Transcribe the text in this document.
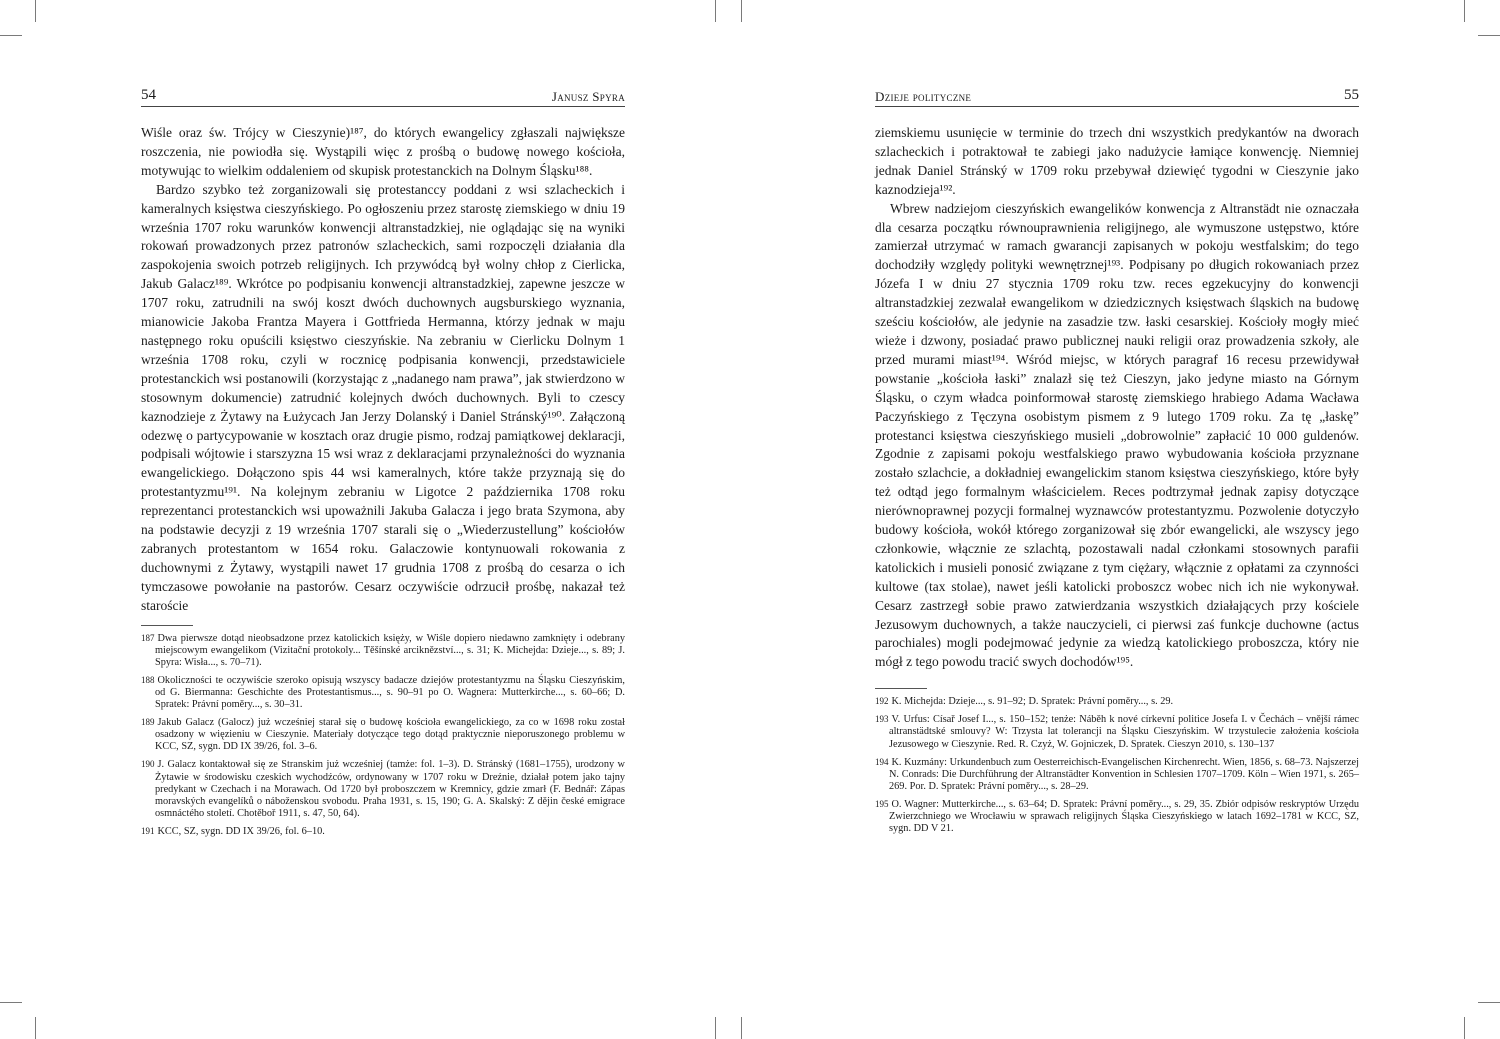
54	Janusz Spyra

Wiśle oraz św. Trójcy w Cieszynie)¹⁸⁷, do których ewangelicy zgłaszali największe roszczenia, nie powiodła się. Wystąpili więc z prośbą o budowę nowego kościoła, motywując to wielkim oddaleniem od skupisk protestanckich na Dolnym Śląsku¹⁸⁸.

Bardzo szybko też zorganizowali się protestanccy poddani z wsi szlacheckich i kameralnych księstwa cieszyńskiego. Po ogłoszeniu przez starostę ziemskiego w dniu 19 września 1707 roku warunków konwencji altranstadzkiej, nie oglądając się na wyniki rokowań prowadzonych przez patronów szlacheckich, sami rozpoczęli działania dla zaspokojenia swoich potrzeb religijnych. Ich przywódcą był wolny chłop z Cierlicka, Jakub Galacz¹⁸⁹. Wkrótce po podpisaniu konwencji altranstadzkiej, zapewne jeszcze w 1707 roku, zatrudnili na swój koszt dwóch duchownych augsburskiego wyznania, mianowicie Jakoba Frantza Mayera i Gottfrieda Hermanna, którzy jednak w maju następnego roku opuścili księstwo cieszyńskie. Na zebraniu w Cierlicku Dolnym 1 września 1708 roku, czyli w rocznicę podpisania konwencji, przedstawiciele protestanckich wsi postanowili (korzystając z „nadanego nam prawa”, jak stwierdzono w stosownym dokumencie) zatrudnić kolejnych dwóch duchownych. Byli to czescy kaznodzieje z Żytawy na Łużycach Jan Jerzy Dolanský i Daniel Stránský¹⁹⁰. Załączoną odezwę o partycypowanie w kosztach oraz drugie pismo, rodzaj pamiątkowej deklaracji, podpisali wójtowie i starszyzna 15 wsi wraz z deklaracjami przynależności do wyznania ewangelickiego. Dołączono spis 44 wsi kameralnych, które także przyznają się do protestantyzmu¹⁹¹. Na kolejnym zebraniu w Ligotce 2 października 1708 roku reprezentanci protestanckich wsi upoważnili Jakuba Galacza i jego brata Szymona, aby na podstawie decyzji z 19 września 1707 starali się o „Wiederzustellung” kościołów zabranych protestantom w 1654 roku. Galaczowie kontynuowali rokowania z duchownymi z Żytawy, wystąpili nawet 17 grudnia 1708 z prośbą do cesarza o ich tymczasowe powołanie na pastorów. Cesarz oczywiście odrzucił prośbę, nakazał też staroście

187 Dwa pierwsze dotąd nieobsadzone przez katolickich księży, w Wiśle dopiero niedawno zamknięty i odebrany miejscowym ewangelikom (Vizitační protokoly... Těšínské arciknězství..., s. 31; K. Michejda: Dzieje..., s. 89; J. Spyra: Wisła..., s. 70–71).

188 Okoliczności te oczywiście szeroko opisują wszyscy badacze dziejów protestantyzmu na Śląsku Cieszyńskim, od G. Biermanna: Geschichte des Protestantismus..., s. 90–91 po O. Wagnera: Mutterkirche..., s. 60–66; D. Spratek: Právní poměry..., s. 30–31.

189 Jakub Galacz (Galocz) już wcześniej starał się o budowę kościoła ewangelickiego, za co w 1698 roku został osadzony w więzieniu w Cieszynie. Materiały dotyczące tego dotąd praktycznie nieporuszonego problemu w KCC, SZ, sygn. DD IX 39/26, fol. 3–6.

190 J. Galacz kontaktował się ze Stranskim już wcześniej (tamże: fol. 1–3). D. Stránský (1681–1755), urodzony w Żytawie w środowisku czeskich wychodźców, ordynowany w 1707 roku w Dreźnie, działał potem jako tajny predykant w Czechach i na Morawach. Od 1720 był proboszczem w Kremnicy, gdzie zmarł (F. Bednář: Zápas moravských evangelíků o náboženskou svobodu. Praha 1931, s. 15, 190; G. A. Skalský: Z dějin české emigrace osmnáctého století. Chotěboř 1911, s. 47, 50, 64).

191 KCC, SZ, sygn. DD IX 39/26, fol. 6–10.

Dzieje polityczne	55

ziemskiemu usunięcie w terminie do trzech dni wszystkich predykantów na dworach szlacheckich i potraktował te zabiegi jako nadużycie łamiące konwencję. Niemniej jednak Daniel Stránský w 1709 roku przebywał dziewięć tygodni w Cieszynie jako kaznodzieja¹⁹².

Wbrew nadziejom cieszyńskich ewangelików konwencja z Altranstädt nie oznaczała dla cesarza początku równouprawnienia religijnego, ale wymuszone ustępstwo, które zamierzał utrzymać w ramach gwarancji zapisanych w pokoju westfalskim; do tego dochodziły względy polityki wewnętrznej¹⁹³. Podpisany po długich rokowaniach przez Józefa I w dniu 27 stycznia 1709 roku tzw. reces egzekucyjny do konwencji altranstadzkiej zezwalał ewangelikom w dziedzicznych księstwach śląskich na budowę sześciu kościołów, ale jedynie na zasadzie tzw. łaski cesarskiej. Kościoły mogły mieć wieże i dzwony, posiadać prawo publicznej nauki religii oraz prowadzenia szkoły, ale przed murami miast¹⁹⁴. Wśród miejsc, w których paragraf 16 recesu przewidywał powstanie „kościoła łaski” znalazł się też Cieszyn, jako jedyne miasto na Górnym Śląsku, o czym władca poinformował starostę ziemskiego hrabiego Adama Wacława Paczyńskiego z Tęczyna osobistym pismem z 9 lutego 1709 roku. Za tę „łaskę” protestanci księstwa cieszyńskiego musieli „dobrowolnie” zapłacić 10 000 guldenów. Zgodnie z zapisami pokoju westfalskiego prawo wybudowania kościoła przyznane zostało szlachcie, a dokładniej ewangelickim stanom księstwa cieszyńskiego, które były też odtąd jego formalnym właścicielem. Reces podtrzymał jednak zapisy dotyczące nierównoprawnej pozycji formalnej wyznawców protestantyzmu. Pozwolenie dotyczyło budowy kościoła, wokół którego zorganizował się zbór ewangelicki, ale wszyscy jego członkowie, włącznie ze szlachtą, pozostawali nadal członkami stosownych parafii katolickich i musieli ponosić związane z tym ciężary, włącznie z opłatami za czynności kultowe (tax stolae), nawet jeśli katolicki proboszcz wobec nich ich nie wykonywał. Cesarz zastrzegł sobie prawo zatwierdzania wszystkich działających przy kościele Jezusowym duchownych, a także nauczycieli, ci pierwsi zaś funkcje duchowne (actus parochiales) mogli podejmować jedynie za wiedzą katolickiego proboszcza, który nie mógł z tego powodu tracić swych dochodów¹⁹⁵.

192 K. Michejda: Dzieje..., s. 91–92; D. Spratek: Právní poměry..., s. 29.

193 V. Urfus: Císař Josef I..., s. 150–152; tenże: Náběh k nové církevní politice Josefa I. v Čechách – vnější rámec altranstädtské smlouvy? W: Trzysta lat tolerancji na Śląsku Cieszyńskim. W trzystulecie założenia kościoła Jezusowego w Cieszynie. Red. R. Czyż, W. Gojniczek, D. Spratek. Cieszyn 2010, s. 130–137

194 K. Kuzmány: Urkundenbuch zum Oesterreichisch-Evangelischen Kirchenrecht. Wien, 1856, s. 68–73. Najszerzej N. Conrads: Die Durchführung der Altranstädter Konvention in Schlesien 1707–1709. Köln – Wien 1971, s. 265–269. Por. D. Spratek: Právní poměry..., s. 28–29.

195 O. Wagner: Mutterkirche..., s. 63–64; D. Spratek: Právní poměry..., s. 29, 35. Zbiór odpisów reskryptów Urzędu Zwierzchniego we Wrocławiu w sprawach religijnych Śląska Cieszyńskiego w latach 1692–1781 w KCC, SZ, sygn. DD V 21.
